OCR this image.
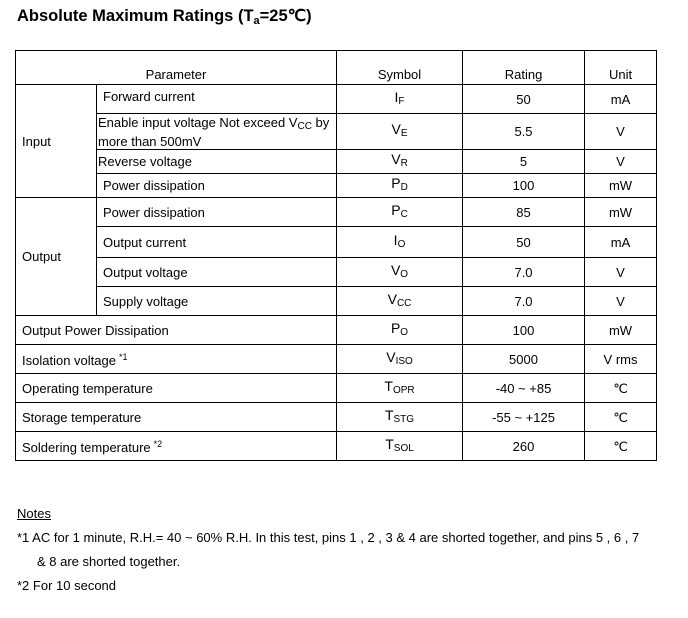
Absolute Maximum Ratings $(T_a=25℃)$
Parameter		Symbol	Rating	Unit
Input	Forward current	$I_F$	50	mA
	Enable input voltage Not exceed $V_{CC}$ by more than 500mV	$V_E$	5.5	V
	Reverse voltage	$V_R$	5	V
	Power dissipation	$P_D$	100	mW
Output	Power dissipation	$P_C$	85	mW
	Output current	$I_O$	50	mA
	Output voltage	$V_O$	7.0	V
	Supply voltage	$V_{CC}$	7.0	V
Output Power Dissipation		$P_O$	100	mW
Isolation voltage $^{*1}$		$V_{ISO}$	5000	V rms
Operating temperature		$T_{OPR}$	-40 ~ +85	℃
Storage temperature		$T_{STG}$	-55 ~ +125	℃
Soldering temperature $^{*2}$		$T_{SOL}$	260	℃
Notes
*1 AC for 1 minute, R.H.= 40 ~ 60% R.H. In this test, pins 1 , 2 , 3 & 4 are shorted together, and pins 5 , 6 , 7
& 8 are shorted together.
*2 For 10 second
